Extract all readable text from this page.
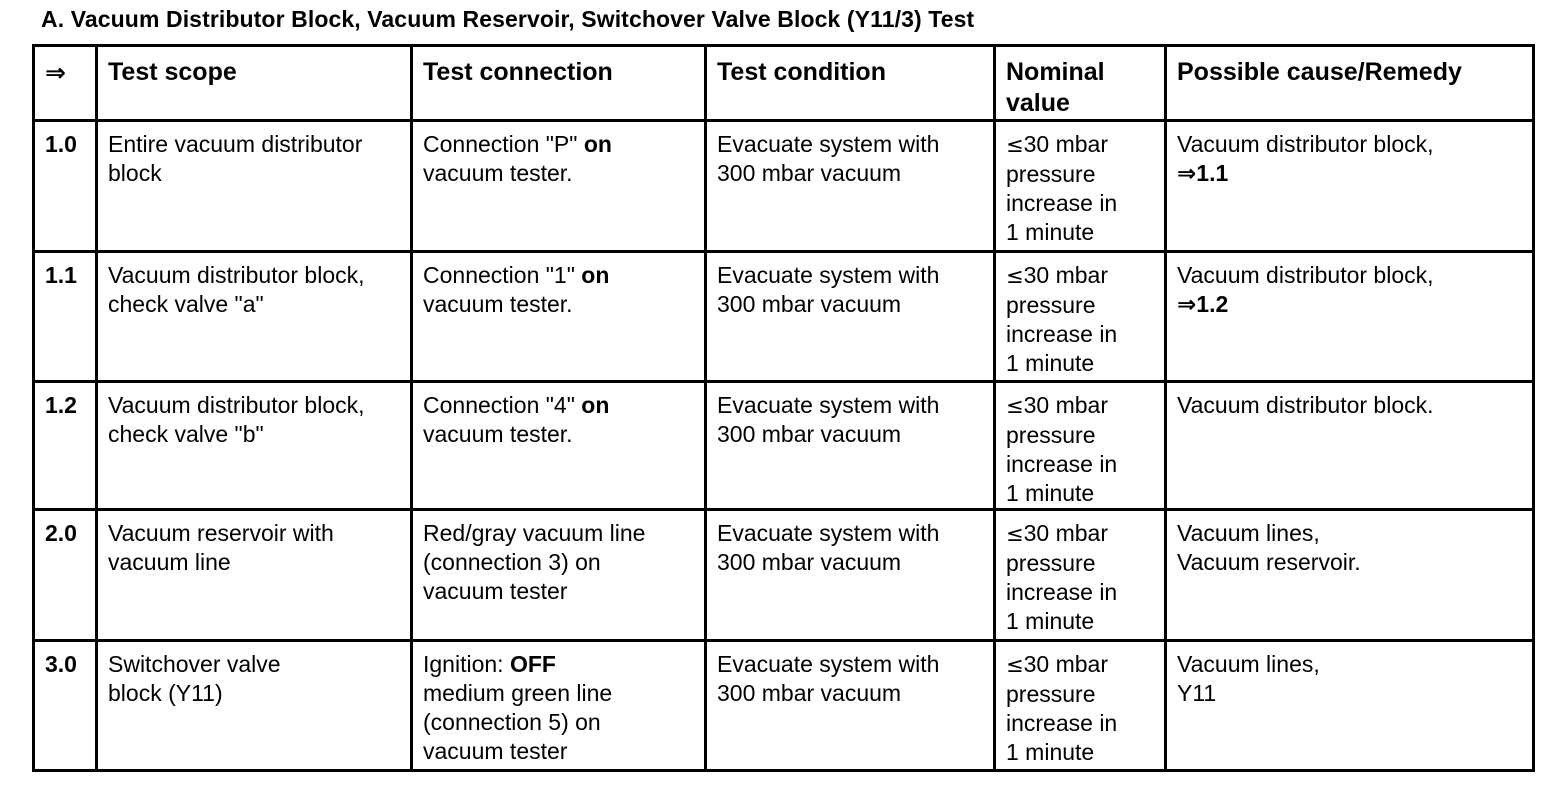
A. Vacuum Distributor Block, Vacuum Reservoir, Switchover Valve Block (Y11/3) Test
⇒	Test scope	Test connection	Test condition	Nominal
value	Possible cause/Remedy
1.0	Entire vacuum distributor
block	Connection "P" on
vacuum tester.	Evacuate system with
300 mbar vacuum	≤30 mbar
pressure
increase in
1 minute	Vacuum distributor block,
⇒1.1

1.1	Vacuum distributor block,
check valve "a"	Connection "1" on
vacuum tester.	Evacuate system with
300 mbar vacuum	≤30 mbar
pressure
increase in
1 minute	Vacuum distributor block,
⇒1.2

1.2	Vacuum distributor block,
check valve "b"	Connection "4" on
vacuum tester.	Evacuate system with
300 mbar vacuum	≤30 mbar
pressure
increase in
1 minute	Vacuum distributor block.

2.0	Vacuum reservoir with
vacuum line	Red/gray vacuum line
(connection 3) on
vacuum tester	Evacuate system with
300 mbar vacuum	≤30 mbar
pressure
increase in
1 minute	Vacuum lines,
Vacuum reservoir.

3.0	Switchover valve
block (Y11)	Ignition: OFF
medium green line
(connection 5) on
vacuum tester	Evacuate system with
300 mbar vacuum	≤30 mbar
pressure
increase in
1 minute	Vacuum lines,
Y11
